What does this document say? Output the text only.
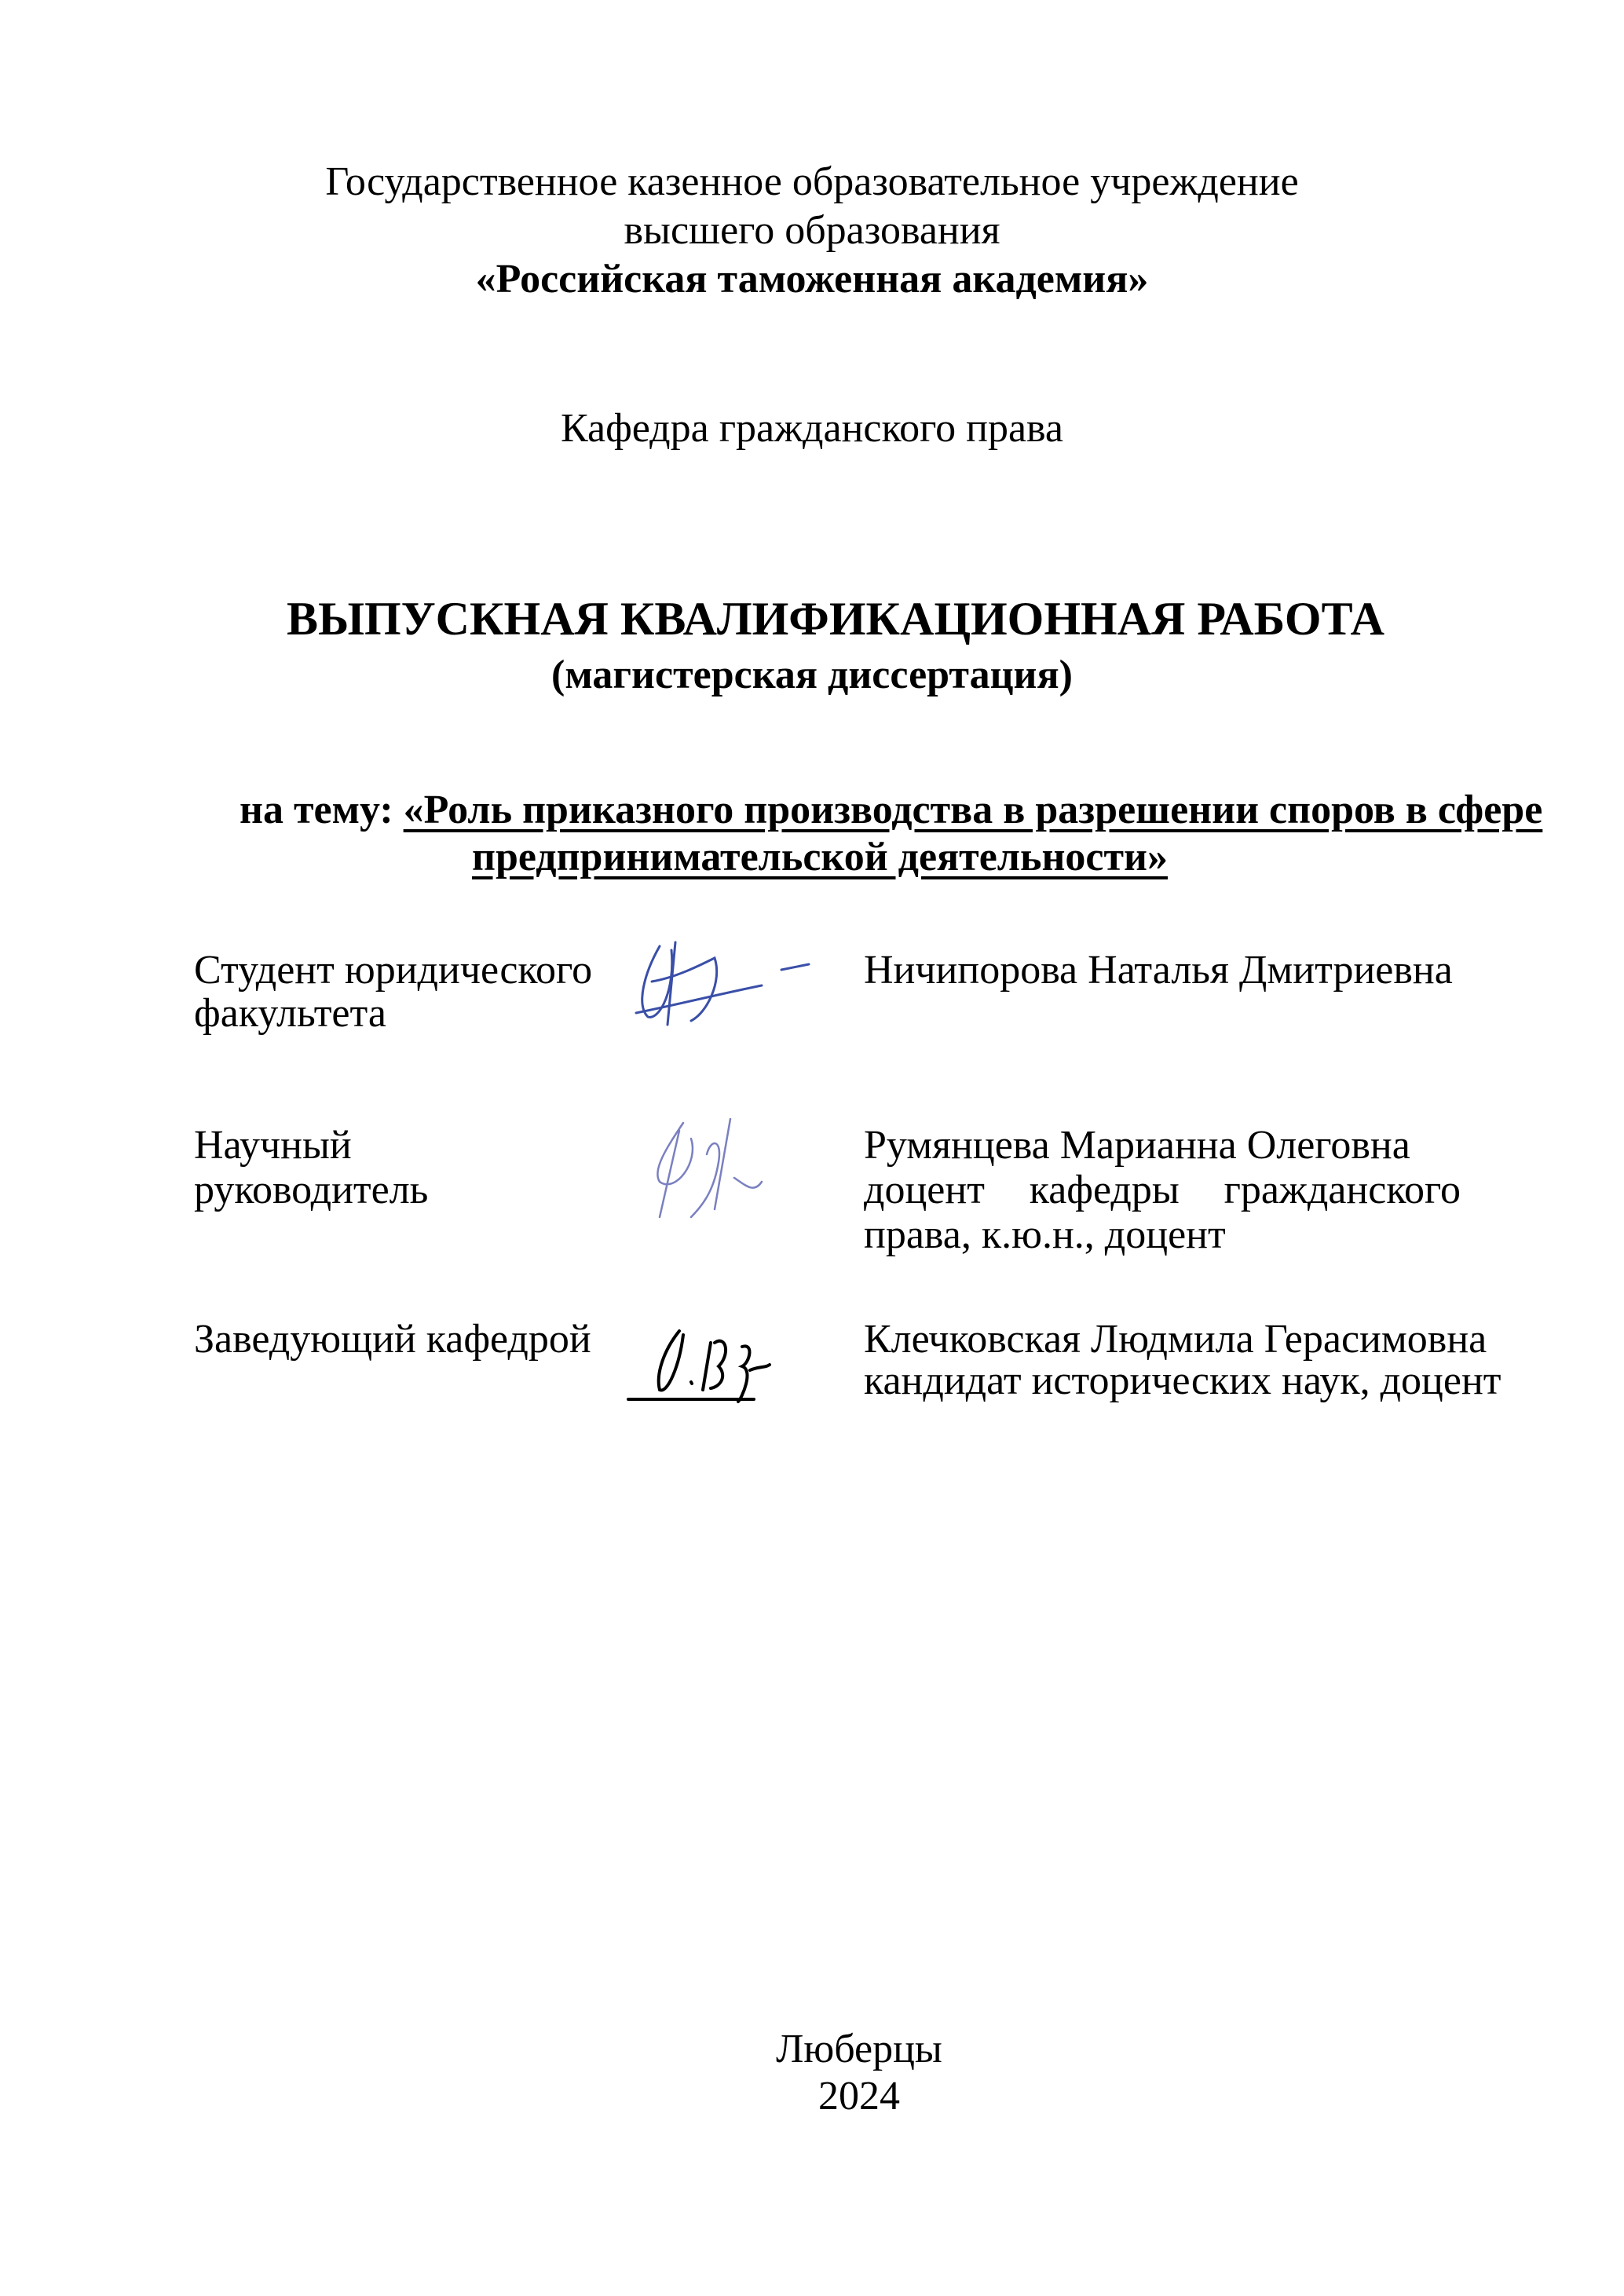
Государственное казенное образовательное учреждение
высшего образования
«Российская таможенная академия»
Кафедра гражданского права
ВЫПУСКНАЯ КВАЛИФИКАЦИОННАЯ РАБОТА
(магистерская диссертация)
на тему: «Роль приказного производства в разрешении споров в сфере
предпринимательской деятельности»
Студент юридического
факультета
Ничипорова Наталья Дмитриевна
Научный
руководитель
Румянцева Марианна Олеговна
доцент кафедры гражданского
права, к.ю.н., доцент
Заведующий кафедрой	Клечковская Людмила Герасимовна
кандидат исторических наук, доцент
Люберцы
2024
